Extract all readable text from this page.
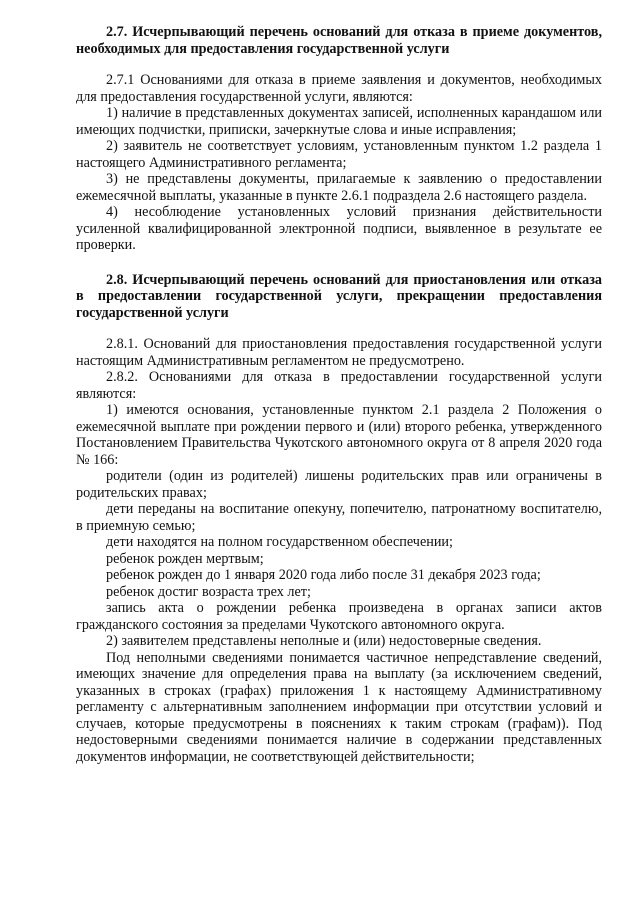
2.7. Исчерпывающий перечень оснований для отказа в приеме документов, необходимых для предоставления государственной услуги

2.7.1 Основаниями для отказа в приеме заявления и документов, необходимых для предоставления государственной услуги, являются:

1) наличие в представленных документах записей, исполненных карандашом или имеющих подчистки, приписки, зачеркнутые слова и иные исправления;

2) заявитель не соответствует условиям, установленным пунктом 1.2 раздела 1 настоящего Административного регламента;

3) не представлены документы, прилагаемые к заявлению о предоставлении ежемесячной выплаты, указанные в пункте 2.6.1 подраздела 2.6 настоящего раздела.

4) несоблюдение установленных условий признания действительности усиленной квалифицированной электронной подписи, выявленное в результате ее проверки.

2.8. Исчерпывающий перечень оснований для приостановления или отказа в предоставлении государственной услуги, прекращении предоставления государственной услуги

2.8.1. Оснований для приостановления предоставления государственной услуги настоящим Административным регламентом не предусмотрено.

2.8.2. Основаниями для отказа в предоставлении государственной услуги являются:

1) имеются основания, установленные пунктом 2.1 раздела 2 Положения о ежемесячной выплате при рождении первого и (или) второго ребенка, утвержденного Постановлением Правительства Чукотского автономного округа от 8 апреля 2020 года № 166:

родители (один из родителей) лишены родительских прав или ограничены в родительских правах;

дети переданы на воспитание опекуну, попечителю, патронатному воспитателю, в приемную семью;

дети находятся на полном государственном обеспечении;

ребенок рожден мертвым;

ребенок рожден до 1 января 2020 года либо после 31 декабря 2023 года;

ребенок достиг возраста трех лет;

запись акта о рождении ребенка произведена в органах записи актов гражданского состояния за пределами Чукотского автономного округа.

2) заявителем представлены неполные и (или) недостоверные сведения.

Под неполными сведениями понимается частичное непредставление сведений, имеющих значение для определения права на выплату (за исключением сведений, указанных в строках (графах) приложения 1 к настоящему Административному регламенту с альтернативным заполнением информации при отсутствии условий и случаев, которые предусмотрены в пояснениях к таким строкам (графам)). Под недостоверными сведениями понимается наличие в содержании представленных документов информации, не соответствующей действительности;
